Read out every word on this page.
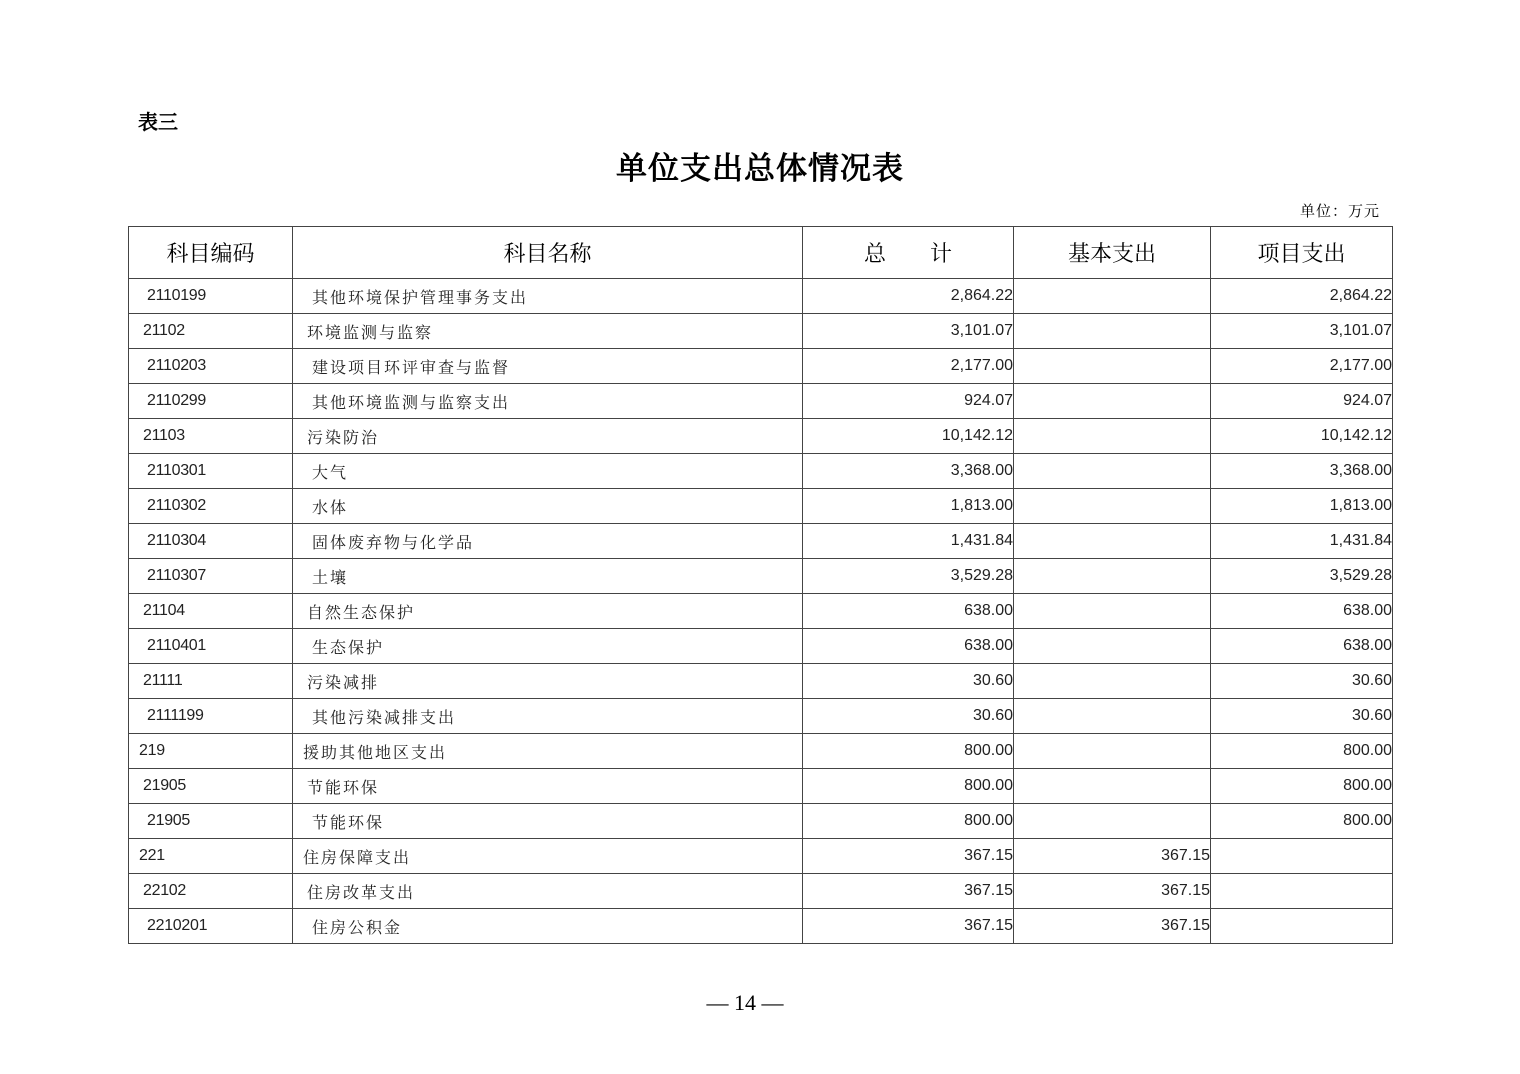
表三
单位支出总体情况表
单位：万元
科目编码	科目名称	总　　计	基本支出	项目支出
2110199	其他环境保护管理事务支出	2,864.22		2,864.22
21102	环境监测与监察	3,101.07		3,101.07
2110203	建设项目环评审查与监督	2,177.00		2,177.00
2110299	其他环境监测与监察支出	924.07		924.07
21103	污染防治	10,142.12		10,142.12
2110301	大气	3,368.00		3,368.00
2110302	水体	1,813.00		1,813.00
2110304	固体废弃物与化学品	1,431.84		1,431.84
2110307	土壤	3,529.28		3,529.28
21104	自然生态保护	638.00		638.00
2110401	生态保护	638.00		638.00
21111	污染减排	30.60		30.60
2111199	其他污染减排支出	30.60		30.60
219	援助其他地区支出	800.00		800.00
21905	节能环保	800.00		800.00
21905	节能环保	800.00		800.00
221	住房保障支出	367.15	367.15	
22102	住房改革支出	367.15	367.15	
2210201	住房公积金	367.15	367.15	
— 14 —
